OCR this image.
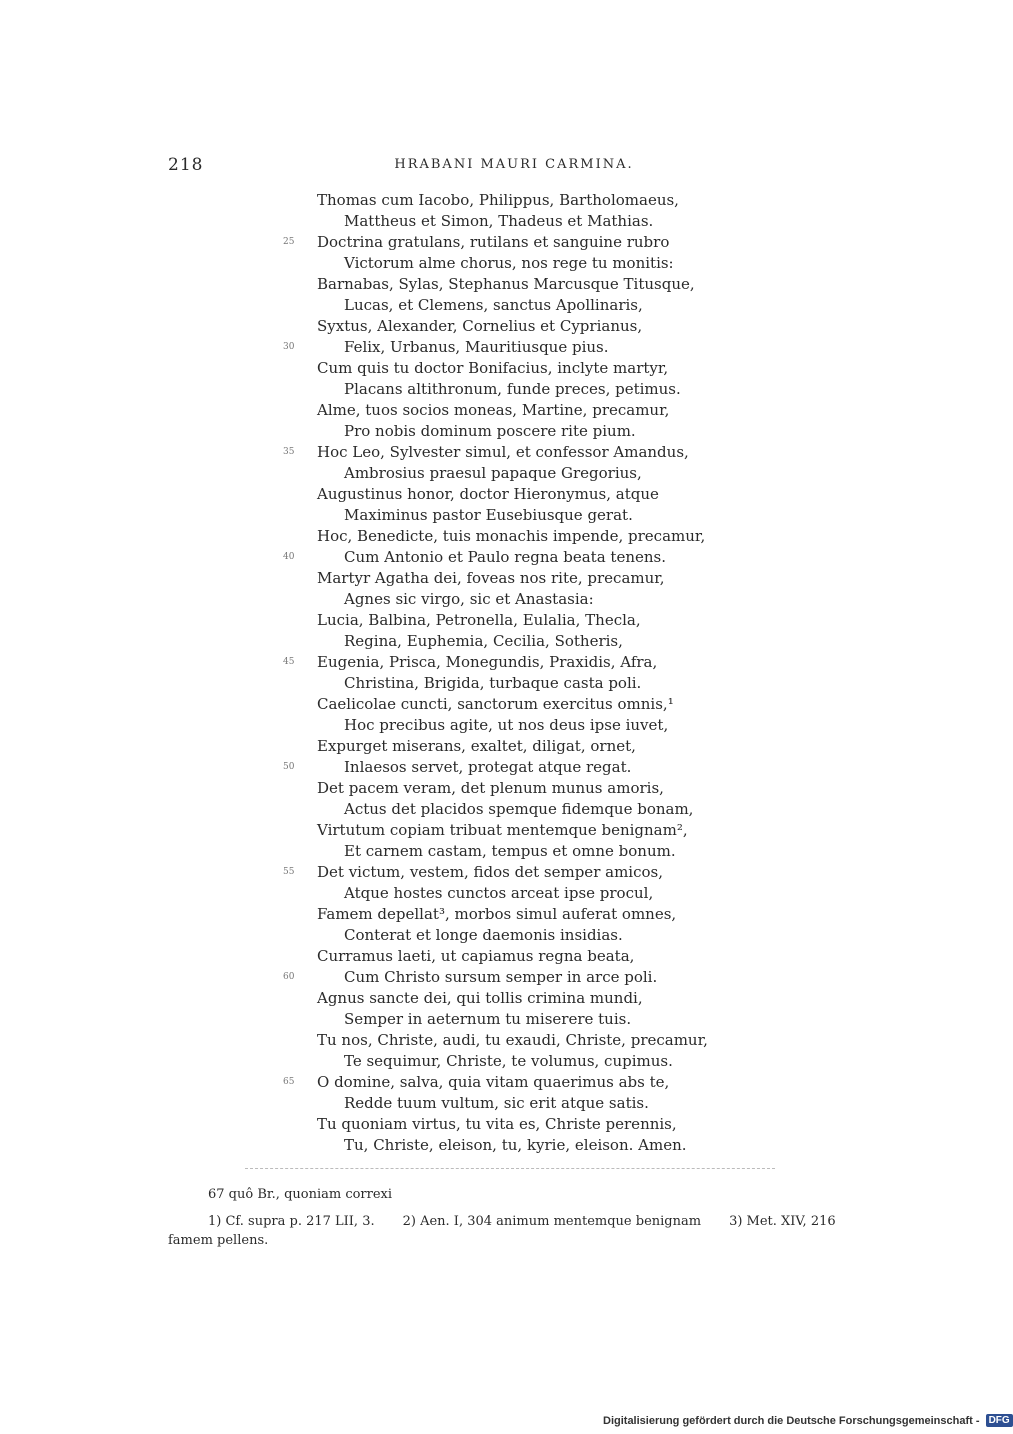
218	HRABANI MAURI CARMINA.
Thomas cum Iacobo, Philippus, Bartholomaeus,
Mattheus et Simon, Thadeus et Mathias.
25 Doctrina gratulans, rutilans et sanguine rubro
Victorum alme chorus, nos rege tu monitis:
Barnabas, Sylas, Stephanus Marcusque Titusque,
Lucas, et Clemens, sanctus Apollinaris,
Syxtus, Alexander, Cornelius et Cyprianus,
30	Felix, Urbanus, Mauritiusque pius.
Cum quis tu doctor Bonifacius, inclyte martyr,
Placans altithronum, funde preces, petimus.
Alme, tuos socios moneas, Martine, precamur,
Pro nobis dominum poscere rite pium.
35 Hoc Leo, Sylvester simul, et confessor Amandus,
Ambrosius praesul papaque Gregorius,
Augustinus honor, doctor Hieronymus, atque
Maximinus pastor Eusebiusque gerat.
Hoc, Benedicte, tuis monachis impende, precamur,
40	Cum Antonio et Paulo regna beata tenens.
Martyr Agatha dei, foveas nos rite, precamur,
Agnes sic virgo, sic et Anastasia:
Lucia, Balbina, Petronella, Eulalia, Thecla,
Regina, Euphemia, Cecilia, Sotheris,
45 Eugenia, Prisca, Monegundis, Praxidis, Afra,
Christina, Brigida, turbaque casta poli.
Caelicolae cuncti, sanctorum exercitus omnis,¹
Hoc precibus agite, ut nos deus ipse iuvet,
Expurget miserans, exaltet, diligat, ornet,
50	Inlaesos servet, protegat atque regat.
Det pacem veram, det plenum munus amoris,
Actus det placidos spemque fidemque bonam,
Virtutum copiam tribuat mentemque benignam²,
Et carnem castam, tempus et omne bonum.
55 Det victum, vestem, fidos det semper amicos,
Atque hostes cunctos arceat ipse procul,
Famem depellat³, morbos simul auferat omnes,
Conterat et longe daemonis insidias.
Curramus laeti, ut capiamus regna beata,
60	Cum Christo sursum semper in arce poli.
Agnus sancte dei, qui tollis crimina mundi,
Semper in aeternum tu miserere tuis.
Tu nos, Christe, audi, tu exaudi, Christe, precamur,
Te sequimur, Christe, te volumus, cupimus.
65 O domine, salva, quia vitam quaerimus abs te,
Redde tuum vultum, sic erit atque satis.
Tu quoniam virtus, tu vita es, Christe perennis,
Tu, Christe, eleison, tu, kyrie, eleison. Amen.
67 quô Br., quoniam correxi

1) Cf. supra p. 217 LII, 3. 2) Aen. I, 304 animum mentemque benignam 3) Met. XIV, 216

famem pellens.
Digitalisierung gefördert durch die Deutsche Forschungsgemeinschaft - DFG
